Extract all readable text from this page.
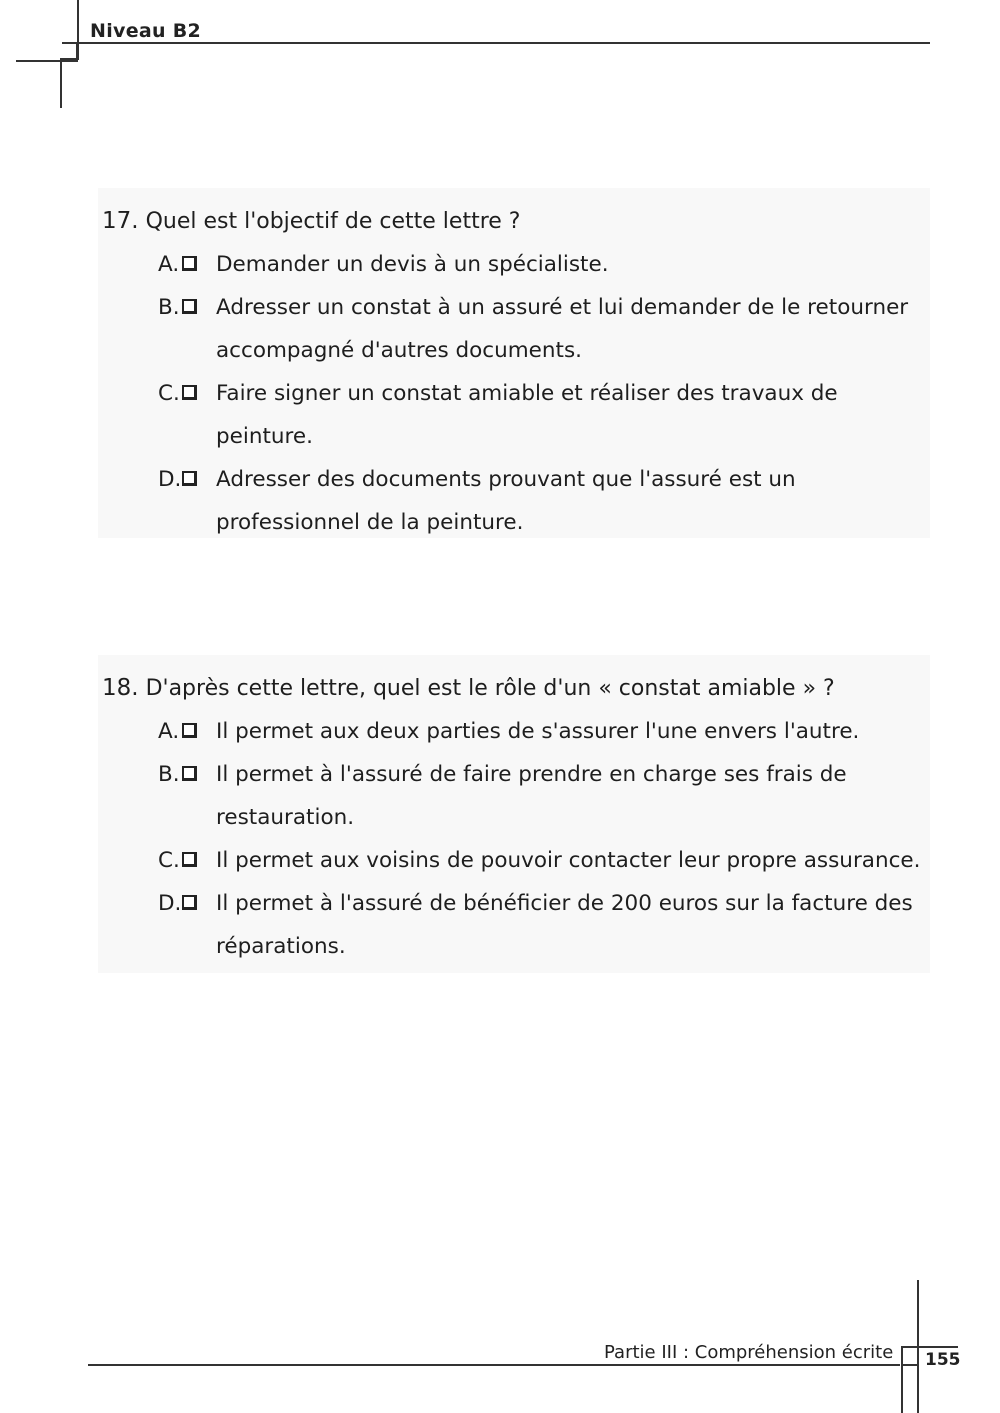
Niveau B2
17. Quel est l'objectif de cette lettre ?
A. Demander un devis à un spécialiste.
B. Adresser un constat à un assuré et lui demander de le retourner
accompagné d'autres documents.
C. Faire signer un constat amiable et réaliser des travaux de
peinture.
D. Adresser des documents prouvant que l'assuré est un
professionnel de la peinture.
18. D'après cette lettre, quel est le rôle d'un « constat amiable » ?
A. Il permet aux deux parties de s'assurer l'une envers l'autre.
B. Il permet à l'assuré de faire prendre en charge ses frais de
restauration.
C. Il permet aux voisins de pouvoir contacter leur propre assurance.
D. Il permet à l'assuré de bénéficier de 200 euros sur la facture des
réparations.
Partie III : Compréhension écrite 155
